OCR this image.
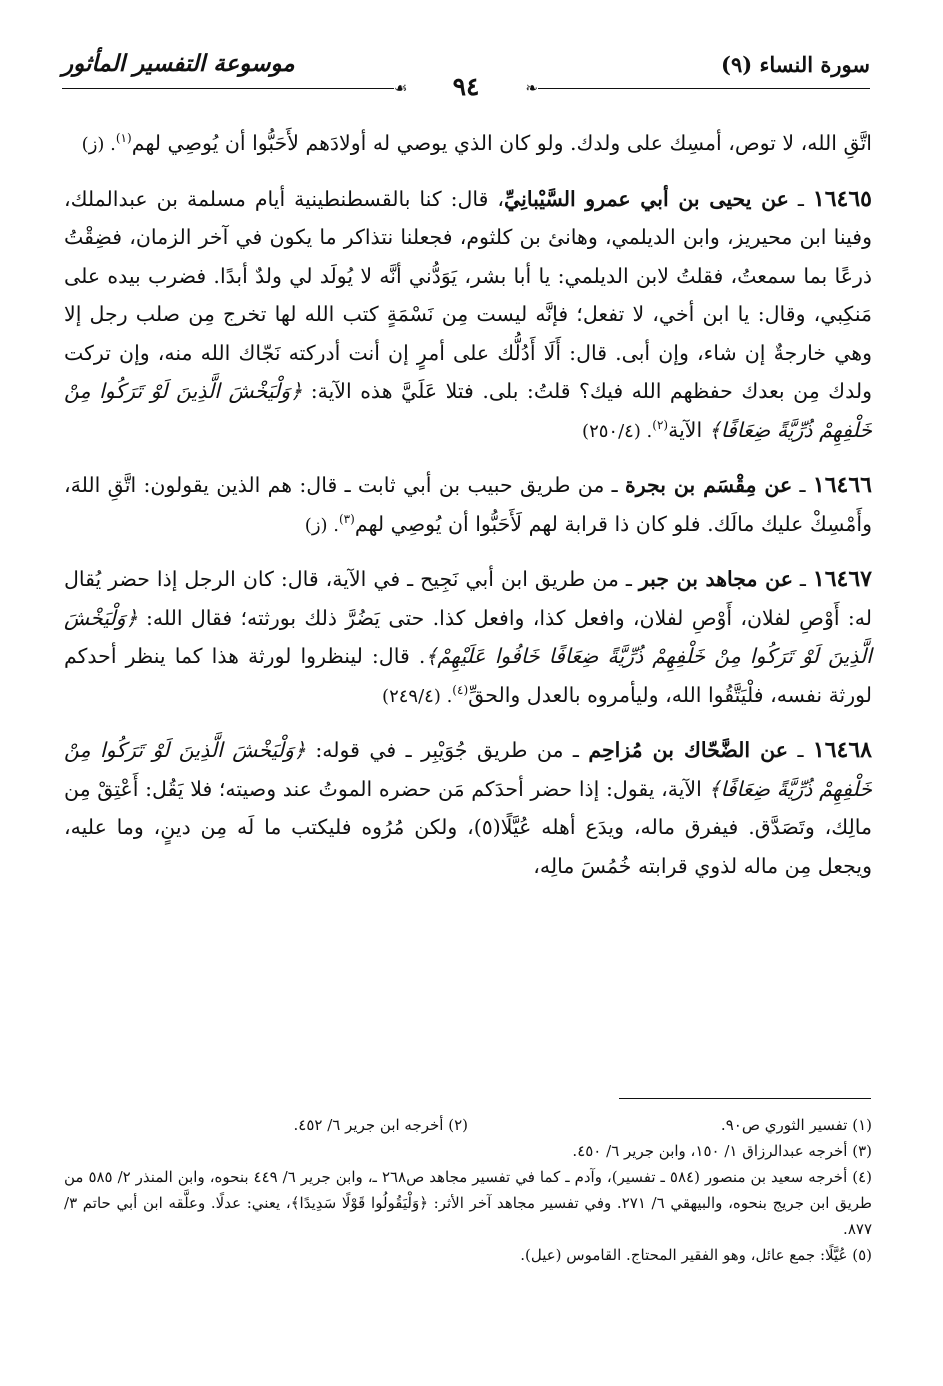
سورة النساء (٩)
موسوعة التفسير المأثور
❧
☙ ٩٤

اتَّقِ الله، لا توص، أمسِك على ولدك. ولو كان الذي يوصي له أولادَهم لأَحَبُّوا أن يُوصِي لهم$^{(١)}$. (ز)

١٦٤٦٥ ـ عن يحيى بن أبي عمرو السَّيْبانِيِّ، قال: كنا بالقسطنطينية أيام مسلمة بن عبدالملك، وفينا ابن محيريز، وابن الديلمي، وهانئ بن كلثوم، فجعلنا نتذاكر ما يكون في آخر الزمان، فضِقْتُ ذرعًا بما سمعتُ، فقلتُ لابن الديلمي: يا أبا بشر، يَوَدُّني أنَّه لا يُولَد لي ولدٌ أبدًا. فضرب بيده على مَنكِبي، وقال: يا ابن أخي، لا تفعل؛ فإنَّه ليست مِن نَسْمَةٍ كتب الله لها تخرج مِن صلب رجل إلا وهي خارجةٌ إن شاء، وإن أبى. قال: أَلَا أَدُلُّك على أمرٍ إن أنت أدركته نَجّاك الله منه، وإن تركت ولدك مِن بعدك حفظهم الله فيك؟ قلتُ: بلى. فتلا عَلَيَّ هذه الآية: ﴿وَلْيَخْشَ الَّذِينَ لَوْ تَرَكُوا مِنْ خَلْفِهِمْ ذُرِّيَّةً ضِعَافًا﴾ الآية$^{(٢)}$. (٢٥٠/٤)

١٦٤٦٦ ـ عن مِقْسَم بن بجرة ـ من طريق حبيب بن أبي ثابت ـ قال: هم الذين يقولون: اتَّقِ اللهَ، وأَمْسِكْ عليك مالَك. فلو كان ذا قرابة لهم لَأَحَبُّوا أن يُوصِي لهم$^{(٣)}$. (ز)

١٦٤٦٧ ـ عن مجاهد بن جبر ـ من طريق ابن أبي نَجِيح ـ في الآية، قال: كان الرجل إذا حضر يُقال له: أَوْصِ لفلان، أَوْصِ لفلان، وافعل كذا، وافعل كذا. حتى يَضُرَّ ذلك بورثته؛ فقال الله: ﴿وَلْيَخْشَ الَّذِينَ لَوْ تَرَكُوا مِنْ خَلْفِهِمْ ذُرِّيَّةً ضِعَافًا خَافُوا عَلَيْهِمْ﴾. قال: لينظروا لورثة هذا كما ينظر أحدكم لورثة نفسه، فلْيَتَّقُوا الله، وليأمروه بالعدل والحقِّ$^{(٤)}$. (٢٤٩/٤)

١٦٤٦٨ ـ عن الضَّحّاك بن مُزاحِم ـ من طريق جُوَيْبِر ـ في قوله: ﴿وَلْيَخْشَ الَّذِينَ لَوْ تَرَكُوا مِنْ خَلْفِهِمْ ذُرِّيَّةً ضِعَافًا﴾ الآية، يقول: إذا حضر أحدَكم مَن حضره الموتُ عند وصيته؛ فلا يَقُل: أَعْتِقْ مِن مالِك، وتَصَدَّق. فيفرق ماله، ويدَع أهله عُيَّلًا(٥)، ولكن مُرُوه فليكتب ما لَه مِن دينٍ، وما عليه، ويجعل مِن ماله لذوي قرابته خُمُسَ مالِه،

(١) تفسير الثوري ص٩٠.
(٢) أخرجه ابن جرير ٦/ ٤٥٢.

(٣) أخرجه عبدالرزاق ١/ ١٥٠، وابن جرير ٦/ ٤٥٠.

(٤) أخرجه سعيد بن منصور (٥٨٤ ـ تفسير)، وآدم ـ كما في تفسير مجاهد ص٢٦٨ ـ، وابن جرير ٦/ ٤٤٩ بنحوه، وابن المنذر ٢/ ٥٨٥ من طريق ابن جريج بنحوه، والبيهقي ٦/ ٢٧١. وفي تفسير مجاهد آخر الأثر: ﴿وَلْيَقُولُوا قَوْلًا سَدِيدًا﴾، يعني: عدلًا. وعلَّقه ابن أبي حاتم ٣/ ٨٧٧.

(٥) عُيَّلًا: جمع عائل، وهو الفقير المحتاج. القاموس (عيل).
